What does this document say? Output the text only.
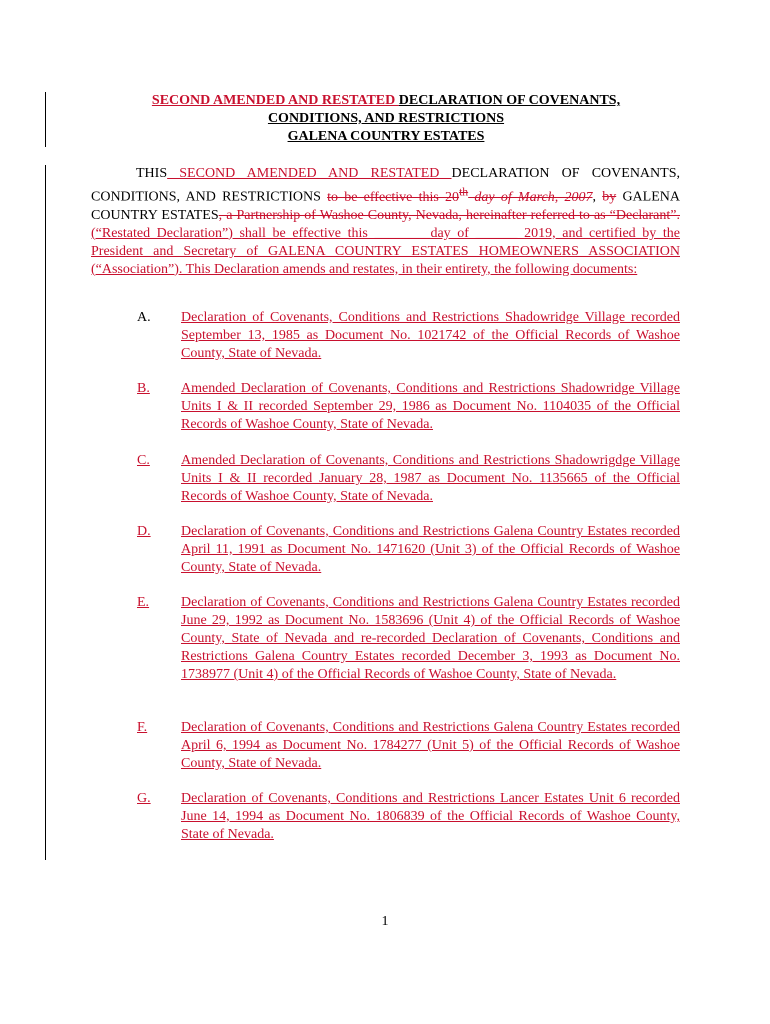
SECOND AMENDED AND RESTATED DECLARATION OF COVENANTS,
CONDITIONS, AND RESTRICTIONS
GALENA COUNTRY ESTATES
THIS SECOND AMENDED AND RESTATED DECLARATION OF COVENANTS, CONDITIONS, AND RESTRICTIONS to be effective this 20th day of March, 2007, by GALENA COUNTRY ESTATES, a Partnership of Washoe County, Nevada, hereinafter referred to as “Declarant”. (“Restated Declaration”) shall be effective this ________day of ______ 2019, and certified by the President and Secretary of GALENA COUNTRY ESTATES HOMEOWNERS ASSOCIATION (“Association”). This Declaration amends and restates, in their entirety, the following documents:
A. Declaration of Covenants, Conditions and Restrictions Shadowridge Village recorded September 13, 1985 as Document No. 1021742 of the Official Records of Washoe County, State of Nevada.
B. Amended Declaration of Covenants, Conditions and Restrictions Shadowridge Village Units I & II recorded September 29, 1986 as Document No. 1104035 of the Official Records of Washoe County, State of Nevada.
C. Amended Declaration of Covenants, Conditions and Restrictions Shadowrigdge Village Units I & II recorded January 28, 1987 as Document No. 1135665 of the Official Records of Washoe County, State of Nevada.
D. Declaration of Covenants, Conditions and Restrictions Galena Country Estates recorded April 11, 1991 as Document No. 1471620 (Unit 3) of the Official Records of Washoe County, State of Nevada.
E. Declaration of Covenants, Conditions and Restrictions Galena Country Estates recorded June 29, 1992 as Document No. 1583696 (Unit 4) of the Official Records of Washoe County, State of Nevada and re-recorded Declaration of Covenants, Conditions and Restrictions Galena Country Estates recorded December 3, 1993 as Document No. 1738977 (Unit 4) of the Official Records of Washoe County, State of Nevada.
F. Declaration of Covenants, Conditions and Restrictions Galena Country Estates recorded April 6, 1994 as Document No. 1784277 (Unit 5) of the Official Records of Washoe County, State of Nevada.
G. Declaration of Covenants, Conditions and Restrictions Lancer Estates Unit 6 recorded June 14, 1994 as Document No. 1806839 of the Official Records of Washoe County, State of Nevada.
1
